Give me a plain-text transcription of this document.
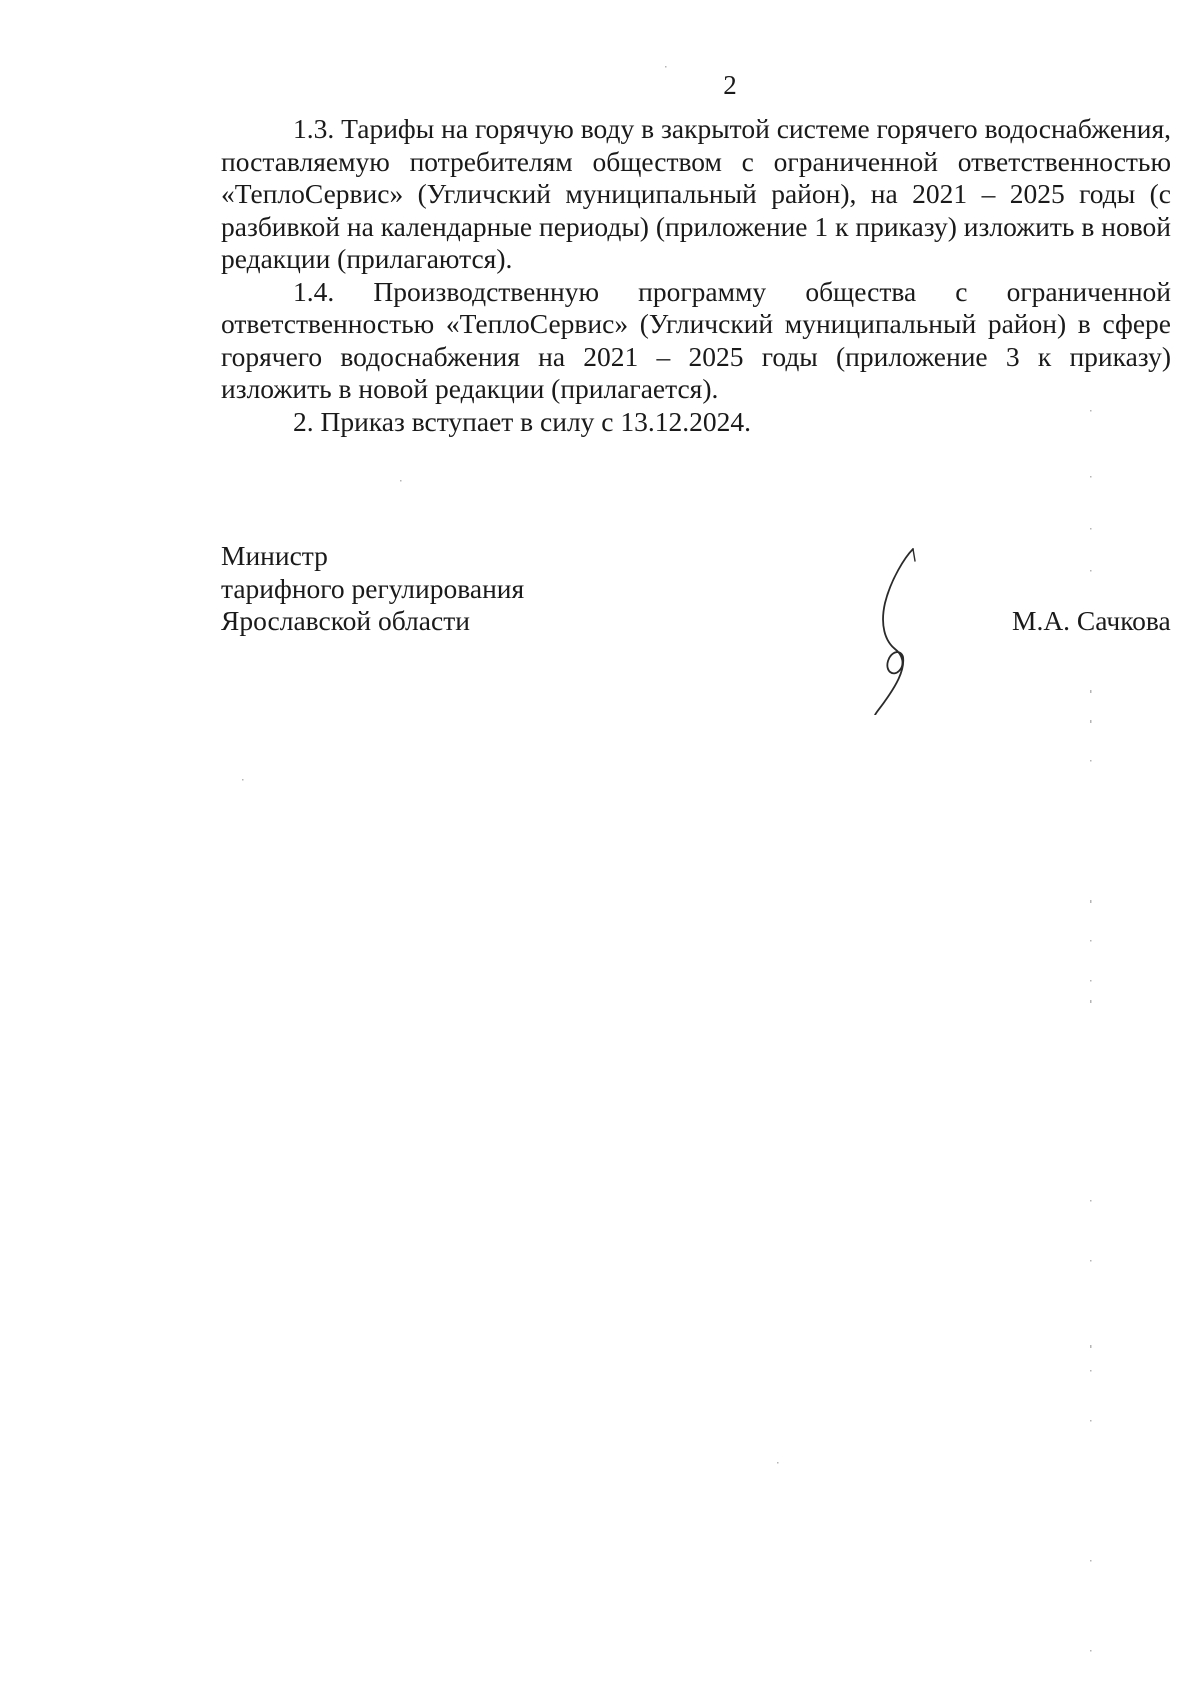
2

1.3. Тарифы на горячую воду в закрытой системе горячего водоснабжения, поставляемую потребителям обществом с ограниченной ответственностью «ТеплоСервис» (Угличский муниципальный район), на 2021 – 2025 годы (с разбивкой на календарные периоды) (приложение 1 к приказу) изложить в новой редакции (прилагаются).

1.4. Производственную программу общества с ограниченной ответственностью «ТеплоСервис» (Угличский муниципальный район) в сфере горячего водоснабжения на 2021 – 2025 годы (приложение 3 к приказу) изложить в новой редакции (прилагается).

2. Приказ вступает в силу с 13.12.2024.

Министр
тарифного регулирования
Ярославской области	М.А. Сачкова
